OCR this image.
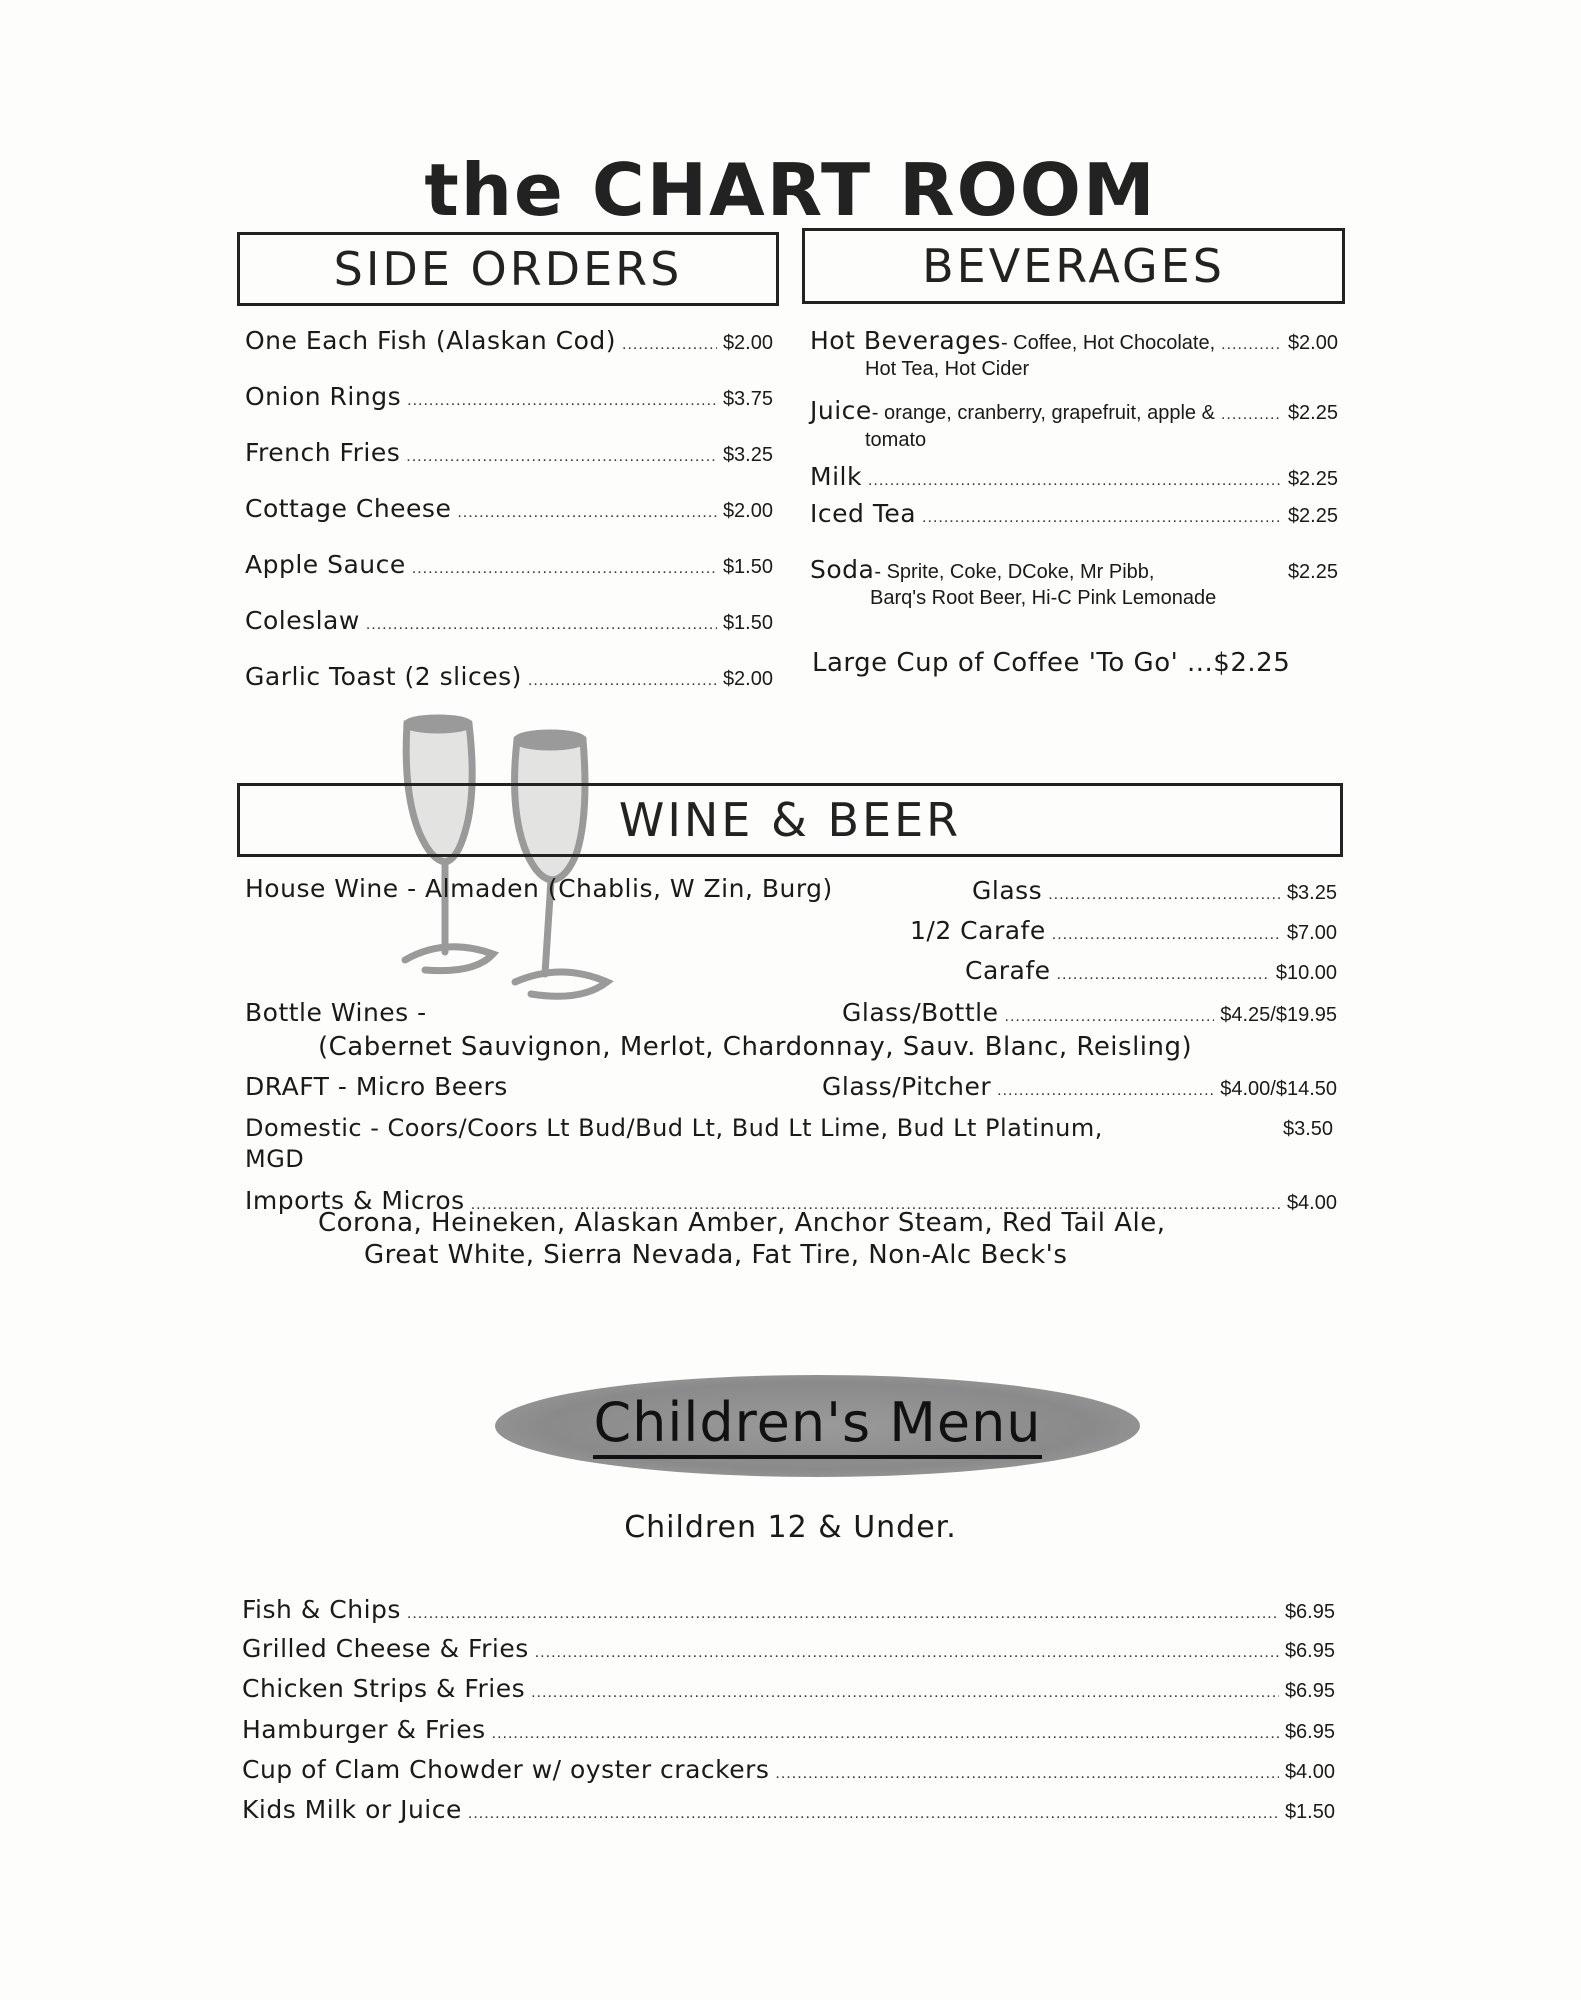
the CHART ROOM
SIDE ORDERS	BEVERAGES
One Each Fish (Alaskan Cod) .....	$2.00
Onion Rings .....	$3.75
French Fries .....	$3.25
Cottage Cheese .....	$2.00
Apple Sauce .....	$1.50
Coleslaw .....	$1.50
Garlic Toast (2 slices) .....	$2.00
Hot Beverages - Coffee, Hot Chocolate, .....	$2.00
Hot Tea, Hot Cider
Juice - orange, cranberry, grapefruit, apple & .....	$2.25
tomato
Milk .....	$2.25
Iced Tea .....	$2.25
Soda - Sprite, Coke, DCoke, Mr Pibb,	$2.25
Barq's Root Beer, Hi-C Pink Lemonade
Large Cup of Coffee 'To Go' ...$2.25
WINE & BEER
House Wine - Almaden (Chablis, W Zin, Burg)	Glass .....	$3.25
1/2 Carafe .....	$7.00
Carafe .....	$10.00
Bottle Wines -	Glass/Bottle .....	$4.25/$19.95
(Cabernet Sauvignon, Merlot, Chardonnay, Sauv. Blanc, Reisling)
DRAFT - Micro Beers	Glass/Pitcher .....	$4.00/$14.50
Domestic - Coors/Coors Lt Bud/Bud Lt, Bud Lt Lime, Bud Lt Platinum,	$3.50
MGD
Imports & Micros .....	$4.00
Corona, Heineken, Alaskan Amber, Anchor Steam, Red Tail Ale,
Great White, Sierra Nevada, Fat Tire, Non-Alc Beck's
Children's Menu
Children 12 & Under.
Fish & Chips .....	$6.95
Grilled Cheese & Fries .....	$6.95
Chicken Strips & Fries .....	$6.95
Hamburger & Fries .....	$6.95
Cup of Clam Chowder w/ oyster crackers .....	$4.00
Kids Milk or Juice .....	$1.50
